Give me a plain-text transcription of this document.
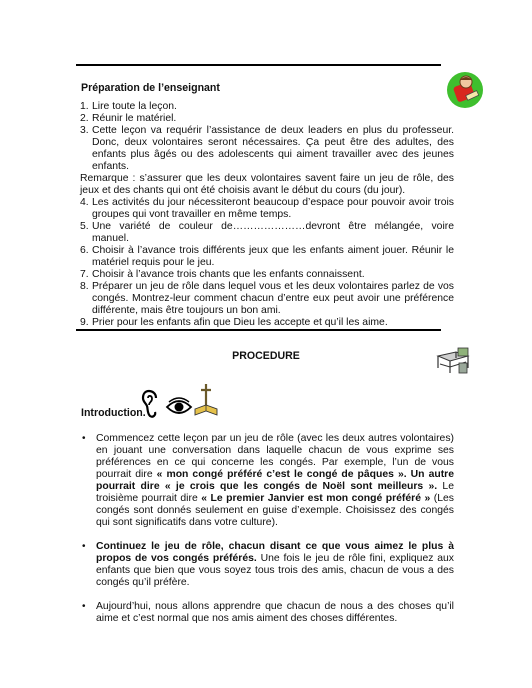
Préparation de l’enseignant
1. Lire toute la leçon.
2. Réunir le matériel.
3. Cette leçon va requérir l’assistance de deux leaders en plus du professeur. Donc, deux volontaires seront nécessaires. Ça peut être des adultes, des enfants plus âgés ou des adolescents qui aiment travailler avec des jeunes enfants.
Remarque : s’assurer que les deux volontaires savent faire un jeu de rôle, des jeux et des chants qui ont été choisis avant le début du cours (du jour).
4. Les activités du jour nécessiteront beaucoup d’espace pour pouvoir avoir trois groupes qui vont travailler en même temps.
5. Une variété de couleur de…………………devront être mélangée, voire manuel.
6. Choisir à l’avance trois différents jeux que les enfants aiment jouer. Réunir le matériel requis pour le jeu.
7. Choisir à l’avance trois chants que les enfants connaissent.
8. Préparer un jeu de rôle dans lequel vous et les deux volontaires parlez de vos congés. Montrez-leur comment chacun d’entre eux peut avoir une préférence différente, mais être toujours un bon ami.
9. Prier pour les enfants afin que Dieu les accepte et qu’il les aime.
PROCEDURE
Introduction.
• Commencez cette leçon par un jeu de rôle (avec les deux autres volontaires) en jouant une conversation dans laquelle chacun de vous exprime ses préférences en ce qui concerne les congés. Par exemple, l’un de vous pourrait dire « mon congé préféré c’est le congé de pâques ». Un autre pourrait dire « je crois que les congés de Noël sont meilleurs ». Le troisième pourrait dire « Le premier Janvier est mon congé préféré » (Les congés sont donnés seulement en guise d’exemple. Choisissez des congés qui sont significatifs dans votre culture).
• Continuez le jeu de rôle, chacun disant ce que vous aimez le plus à propos de vos congés préférés. Une fois le jeu de rôle fini, expliquez aux enfants que bien que vous soyez tous trois des amis, chacun de vous a des congés qu’il préfère.
• Aujourd’hui, nous allons apprendre que chacun de nous a des choses qu’il aime et c’est normal que nos amis aiment des choses différentes.
